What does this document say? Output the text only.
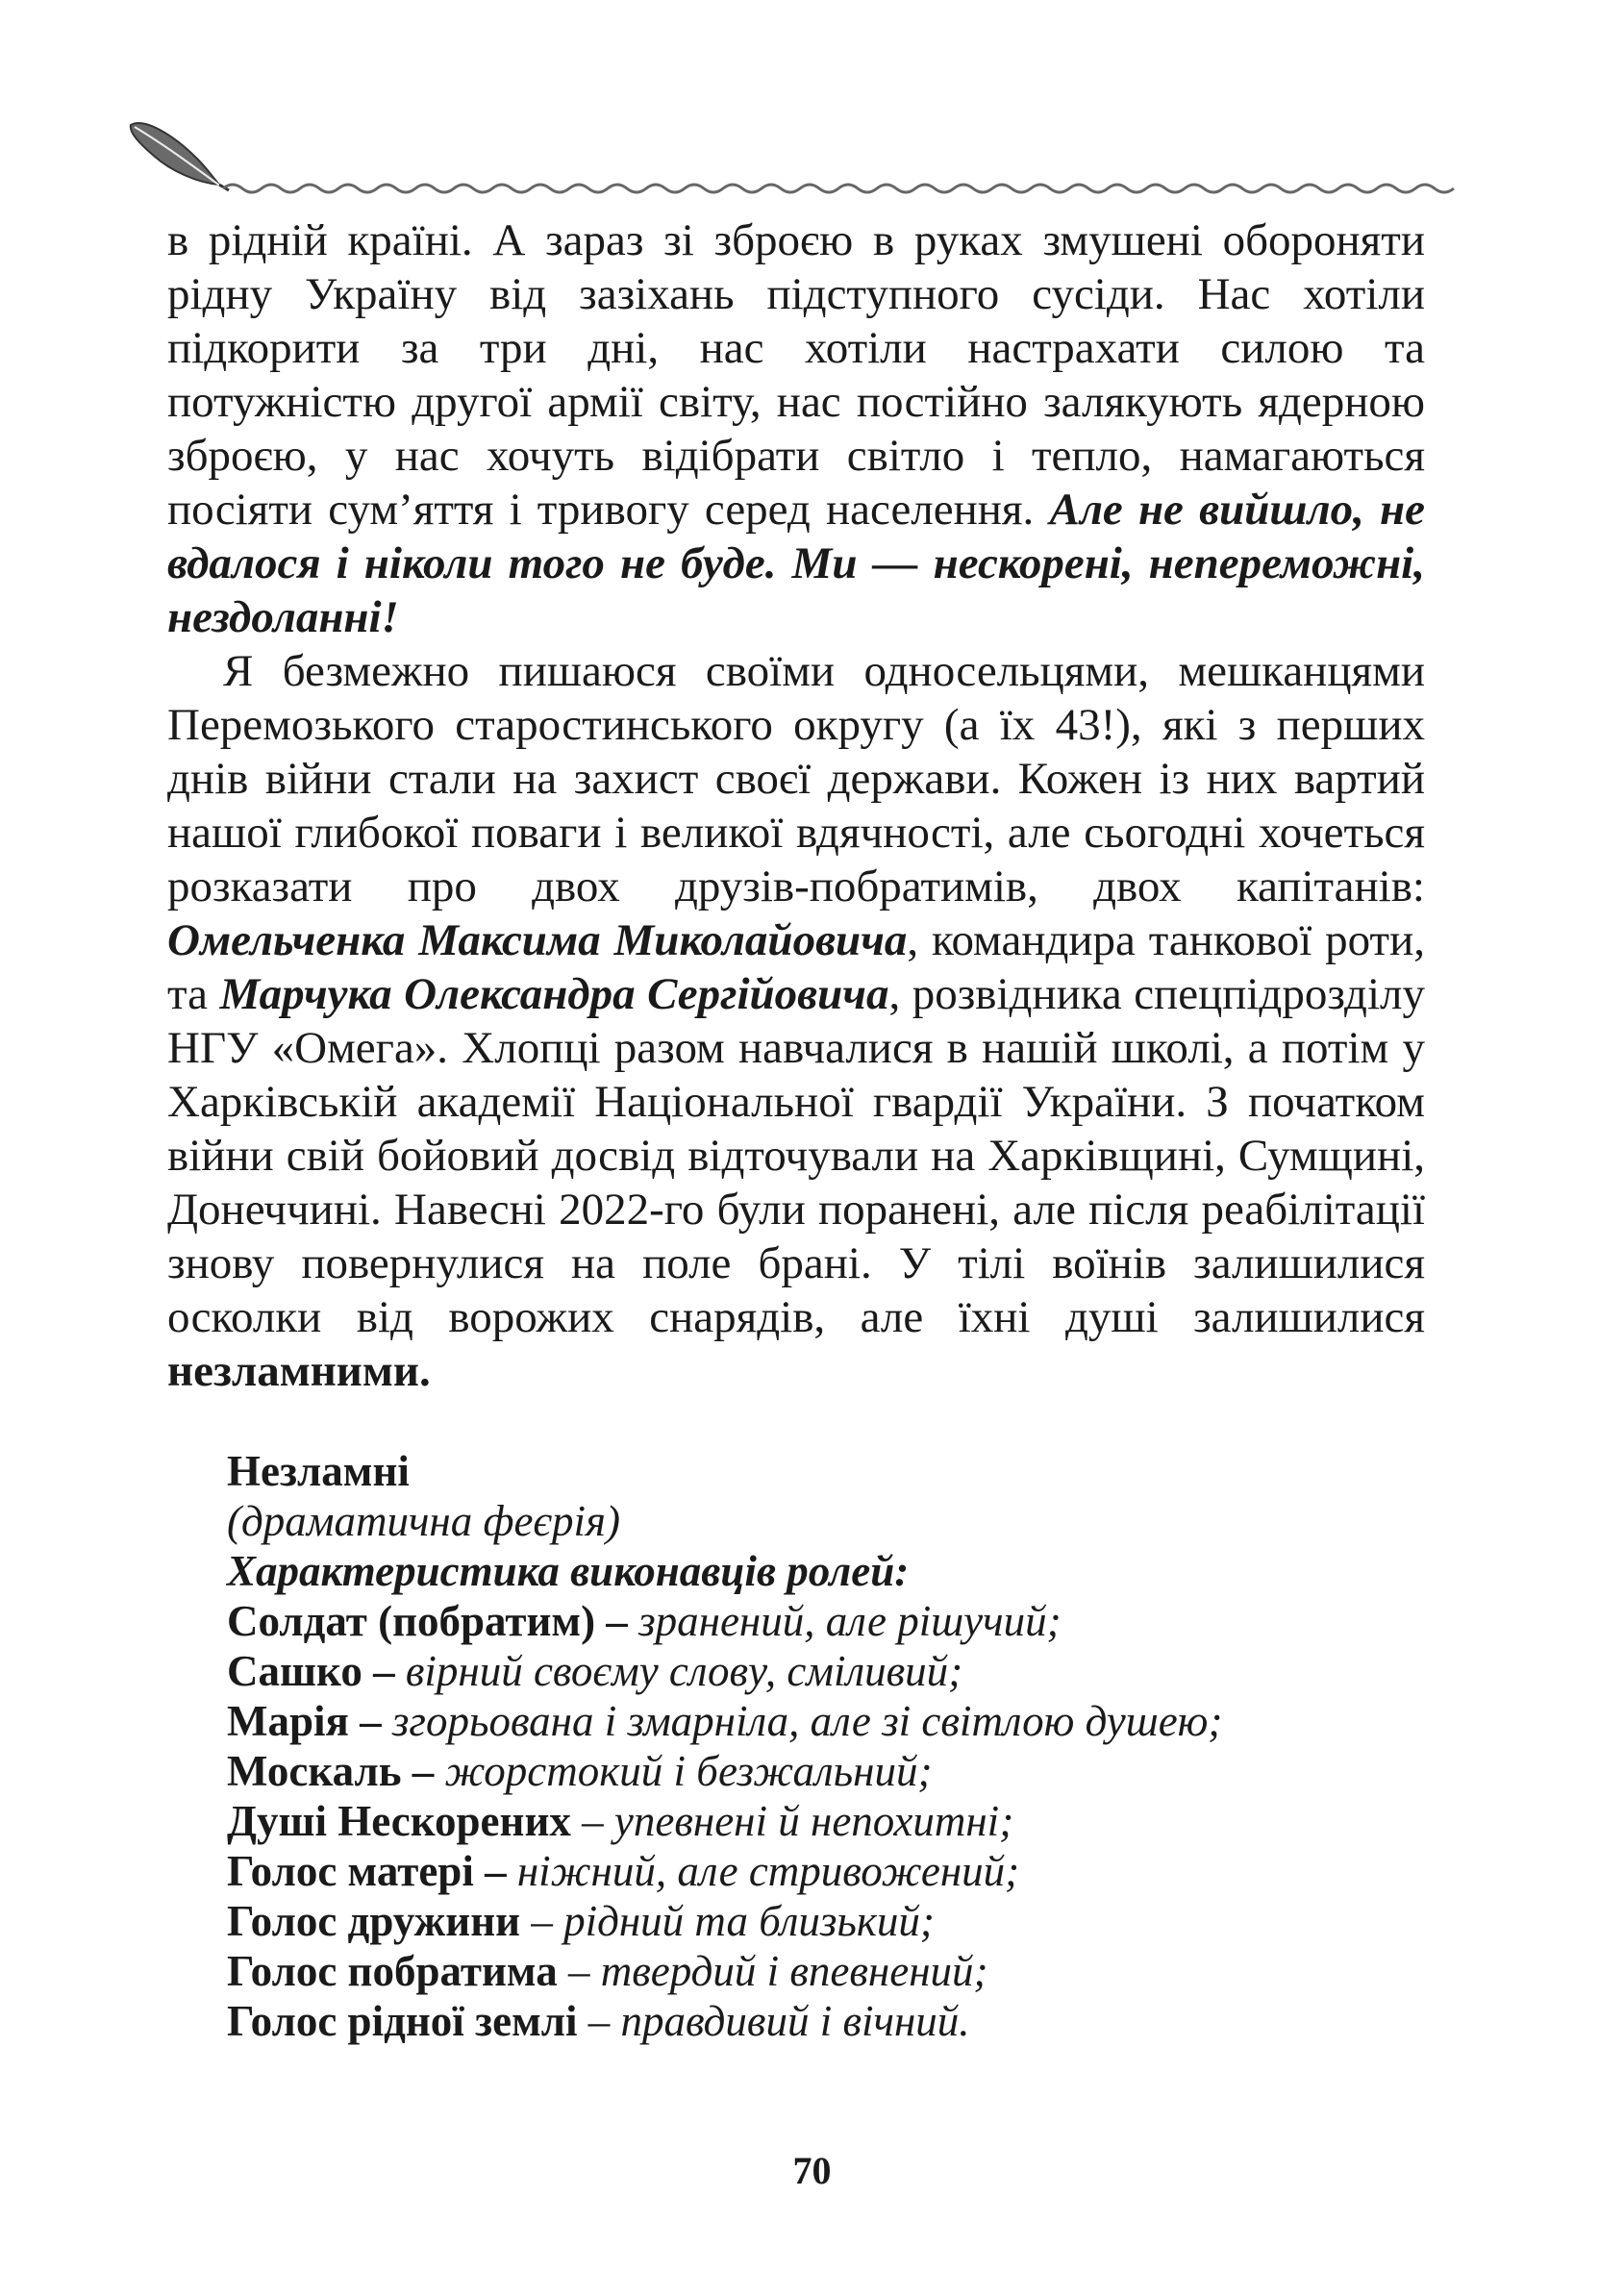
в рідній країні. А зараз зі зброєю в руках змушені обороняти рідну Україну від зазіхань підступного сусіди. Нас хотіли підкорити за три дні, нас хотіли настрахати силою та потужністю другої армії світу, нас постійно залякують ядерною зброєю, у нас хочуть відібрати світло і тепло, намагаються посіяти сум’яття і тривогу серед населення. Але не вийшло, не вдалося і ніколи того не буде. Ми — нескорені, непереможні, нездоланні!

Я безмежно пишаюся своїми односельцями, мешканцями Перемозького старостинського округу (а їх 43!), які з перших днів війни стали на захист своєї держави. Кожен із них вартий нашої глибокої поваги і великої вдячності, але сьогодні хочеться розказати про двох друзів-побратимів, двох капітанів: Омельченка Максима Миколайовича, командира танкової роти, та Марчука Олександра Сергійовича, розвідника спецпідрозділу НГУ «Омега». Хлопці разом навчалися в нашій школі, а потім у Харківській академії Національної гвардії України. З початком війни свій бойовий досвід відточували на Харківщині, Сумщині, Донеччині. Навесні 2022-го були поранені, але після реабілітації знову повернулися на поле брані. У тілі воїнів залишилися осколки від ворожих снарядів, але їхні душі залишилися незламними.

Незламні
(драматична феєрія)
Характеристика виконавців ролей:
Солдат (побратим) – зранений, але рішучий;
Сашко – вірний своєму слову, сміливий;
Марія – згорьована і змарніла, але зі світлою душею;
Москаль – жорстокий і безжальний;
Душі Нескорених – упевнені й непохитні;
Голос матері – ніжний, але стривожений;
Голос дружини – рідний та близький;
Голос побратима – твердий і впевнений;
Голос рідної землі – правдивий і вічний.
70
